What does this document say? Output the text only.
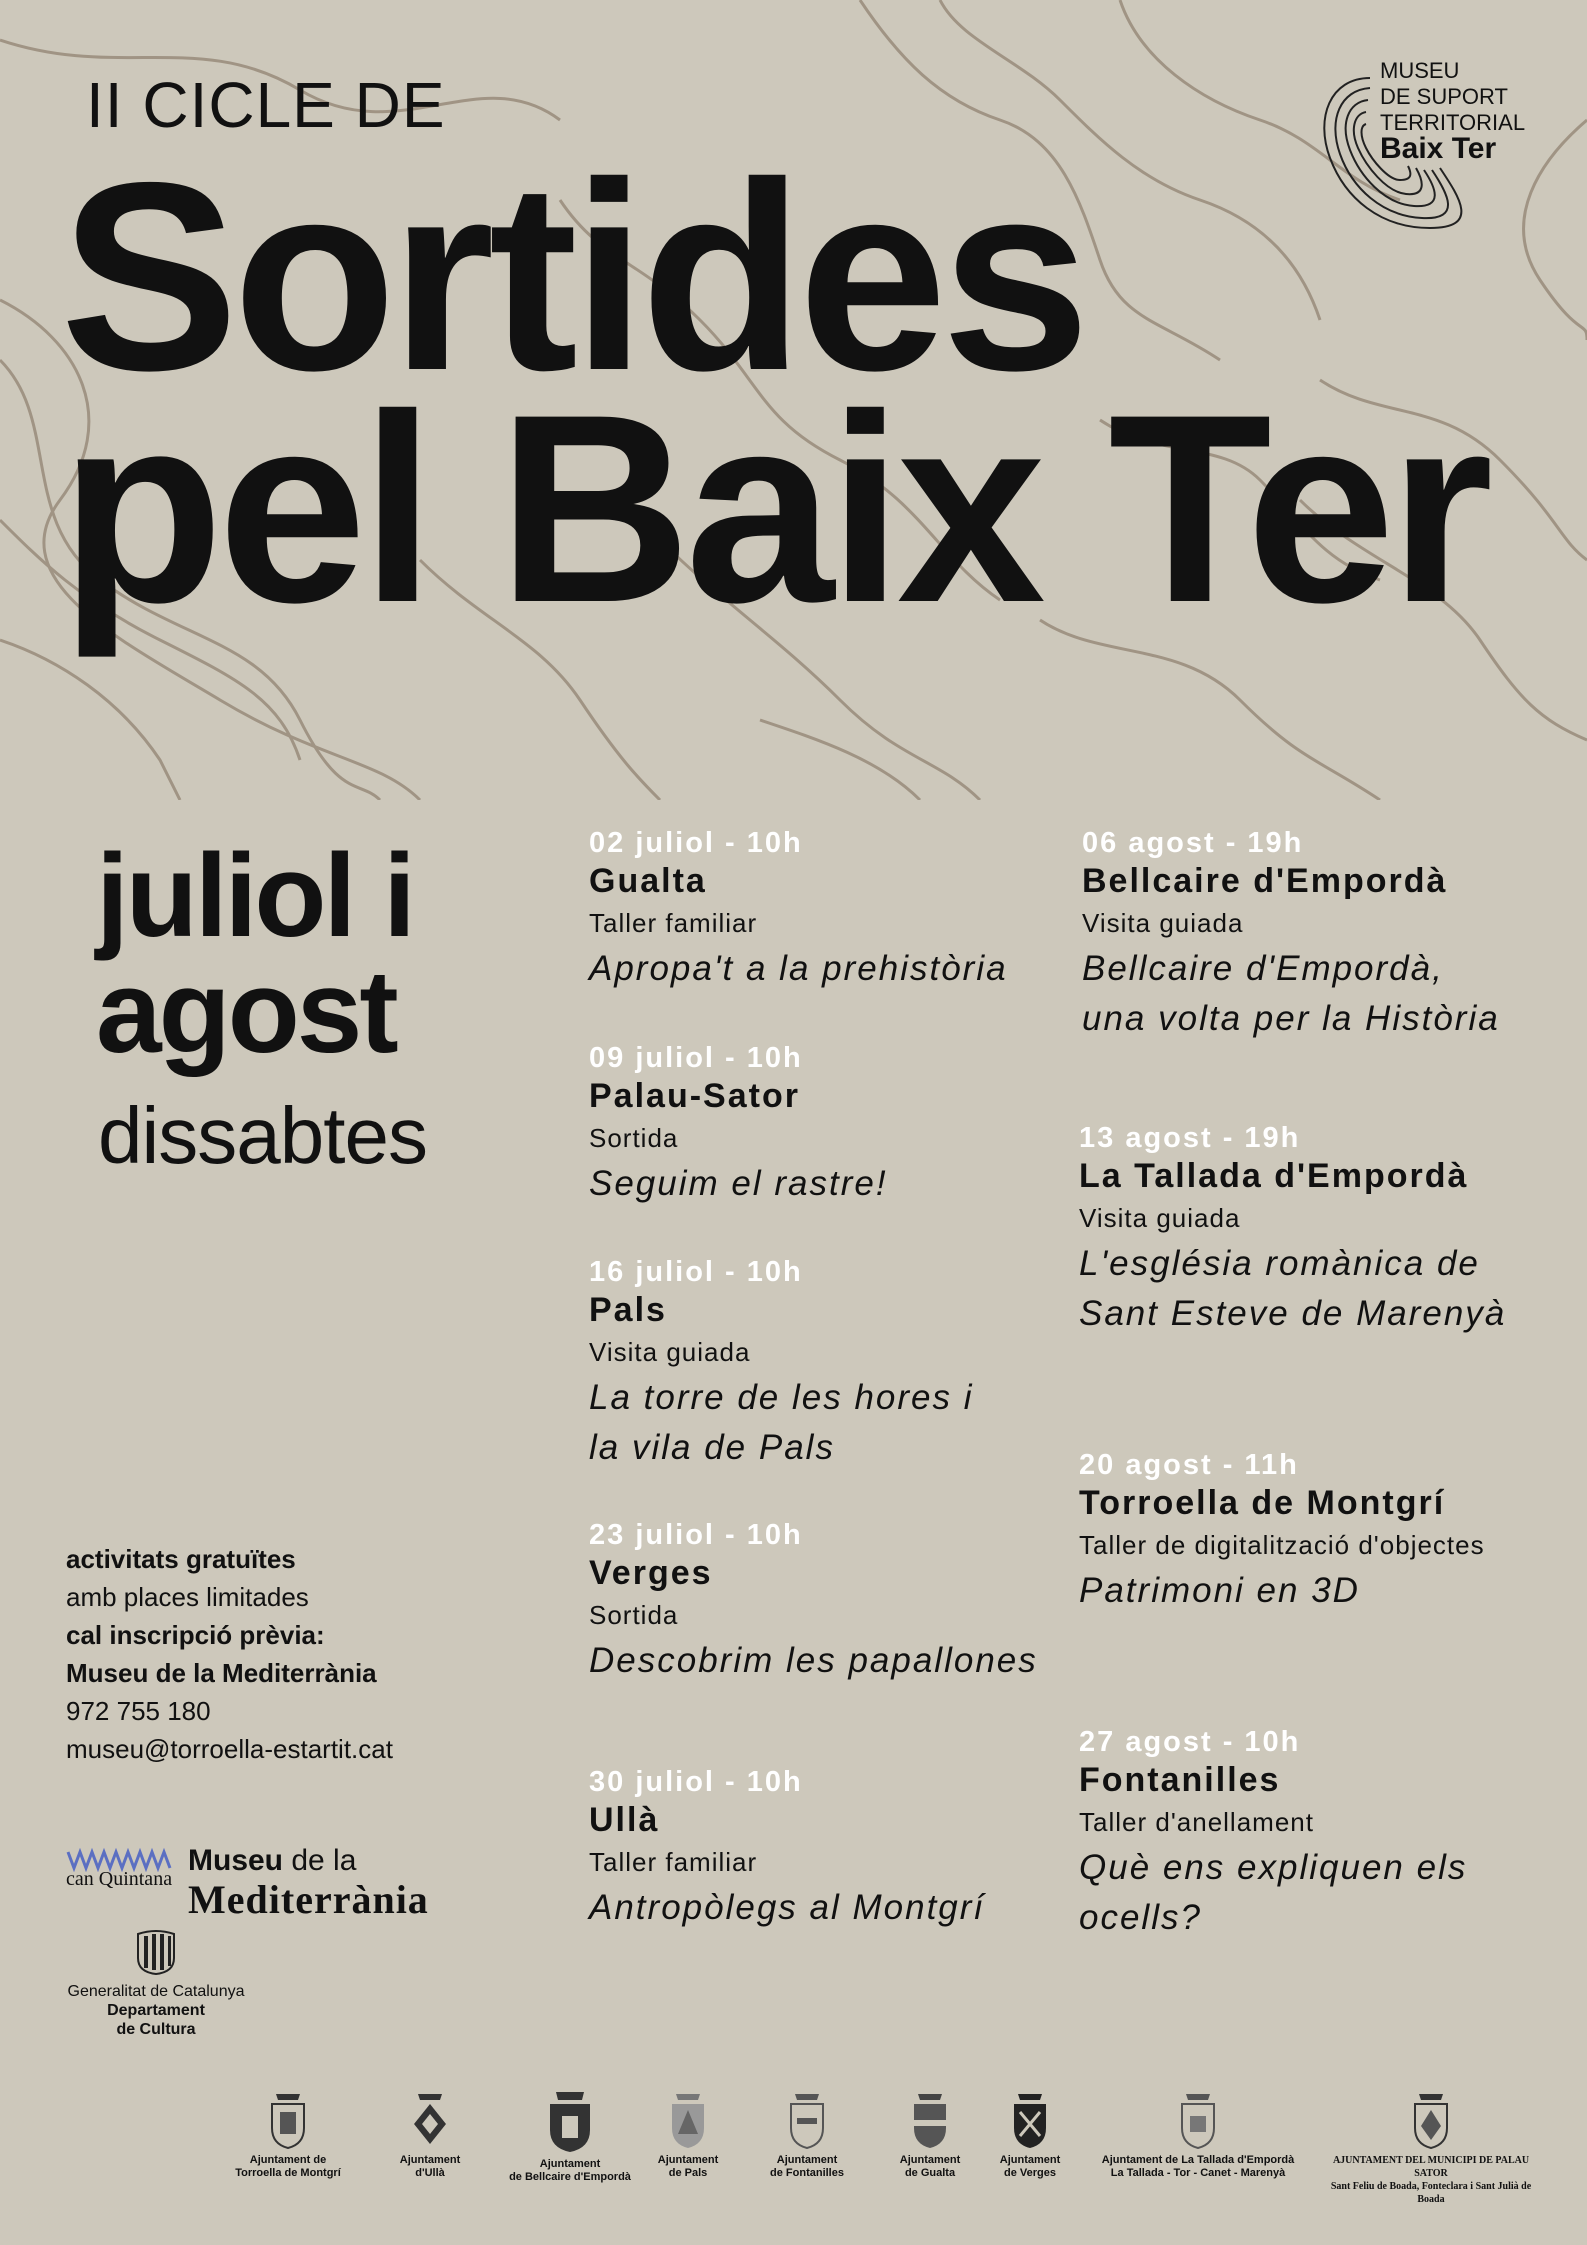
II CICLE DE
Sortides
pel Baix Ter
MUSEU
DE SUPORT
TERRITORIAL
Baix Ter
juliol i
agost
dissabtes
02 juliol - 10h
Gualta
Taller familiar
Apropa't a la prehistòria
09 juliol - 10h
Palau-Sator
Sortida
Seguim el rastre!
16 juliol - 10h
Pals
Visita guiada
La torre de les hores i
la vila de Pals
23 juliol - 10h
Verges
Sortida
Descobrim les papallones
30 juliol - 10h
Ullà
Taller familiar
Antropòlegs al Montgrí
06 agost - 19h
Bellcaire d'Empordà
Visita guiada
Bellcaire d'Empordà,
una volta per la Història
13 agost - 19h
La Tallada d'Empordà
Visita guiada
L'església romànica de
Sant Esteve de Marenyà
20 agost - 11h
Torroella de Montgrí
Taller de digitalització d'objectes
Patrimoni en 3D
27 agost - 10h
Fontanilles
Taller d'anellament
Què ens expliquen els
ocells?
activitats gratuïtes
amb places limitades
cal inscripció prèvia:
Museu de la Mediterrània
972 755 180
museu@torroella-estartit.cat
can Quintana
Museu de la
Mediterrània
Generalitat de Catalunya
Departament
de Cultura
Ajuntament de
Torroella de Montgrí
Ajuntament
d'Ullà
Ajuntament
de Bellcaire d'Empordà
Ajuntament
de Pals
Ajuntament
de Fontanilles
Ajuntament
de Gualta
Ajuntament
de Verges
Ajuntament de La Tallada d'Empordà
La Tallada - Tor - Canet - Marenyà
AJUNTAMENT DEL MUNICIPI DE PALAU SATOR
Sant Feliu de Boada, Fonteclara i Sant Julià de Boada
